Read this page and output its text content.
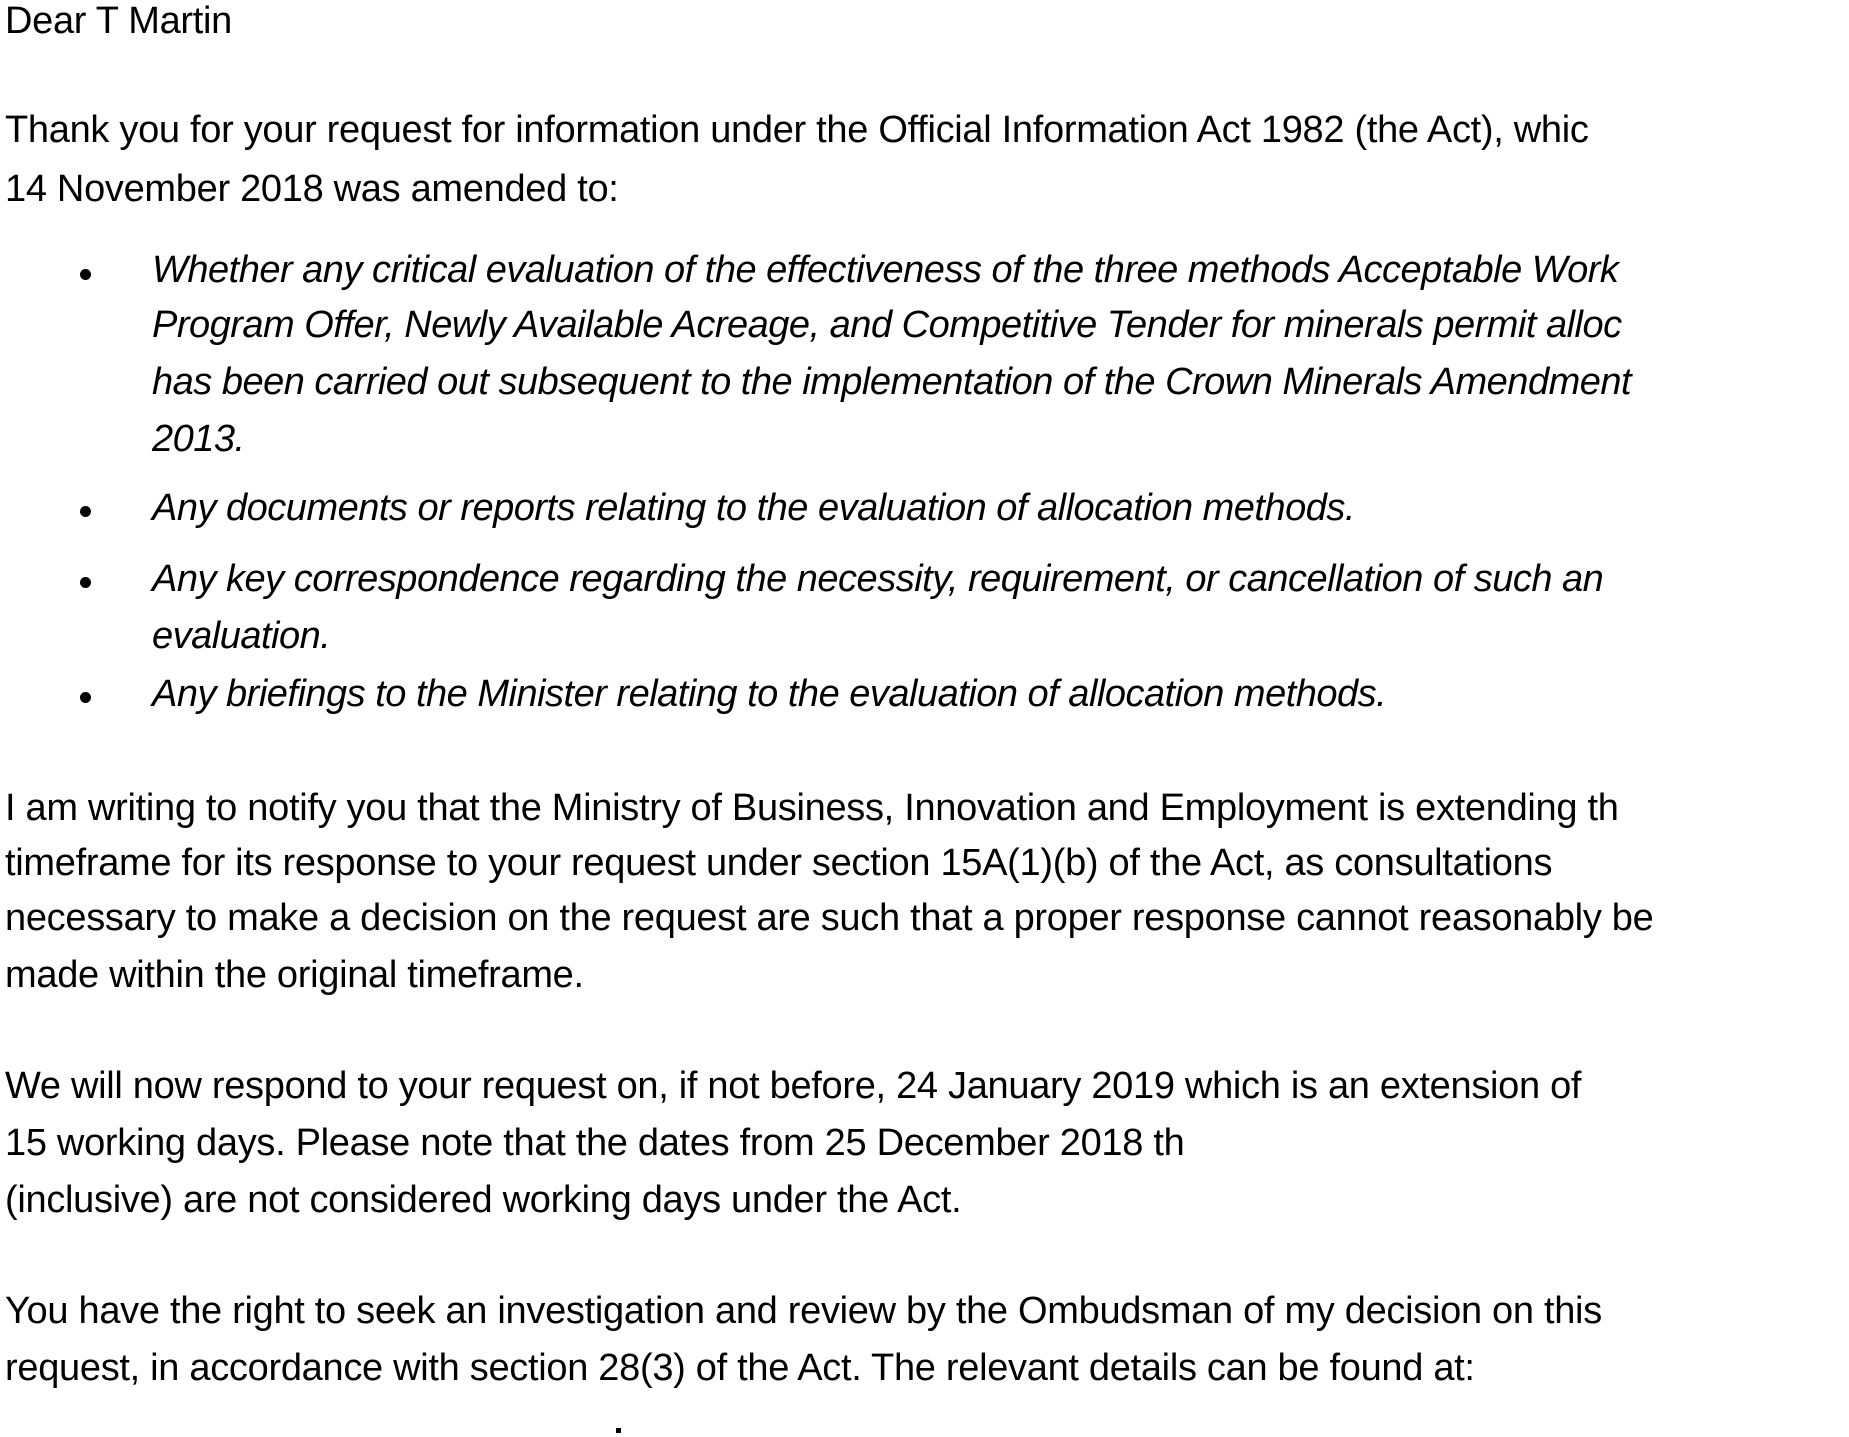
Dear T Martin
Thank you for your request for information under the Official Information Act 1982 (the Act), whic
14 November 2018 was amended to:
Whether any critical evaluation of the effectiveness of the three methods Acceptable Work
Program Offer, Newly Available Acreage, and Competitive Tender for minerals permit alloc
has been carried out subsequent to the implementation of the Crown Minerals Amendment
2013.
Any documents or reports relating to the evaluation of allocation methods.
Any key correspondence regarding the necessity, requirement, or cancellation of such an
evaluation.
Any briefings to the Minister relating to the evaluation of allocation methods.
I am writing to notify you that the Ministry of Business, Innovation and Employment is extending th
timeframe for its response to your request under section 15A(1)(b) of the Act, as consultations
necessary to make a decision on the request are such that a proper response cannot reasonably be
made within the original timeframe.
We will now respond to your request on, if not before, 24 January 2019 which is an extension of
15 working days. Please note that the dates from 25 December 2018 th
(inclusive) are not considered working days under the Act.
You have the right to seek an investigation and review by the Ombudsman of my decision on this
request, in accordance with section 28(3) of the Act. The relevant details can be found at:
